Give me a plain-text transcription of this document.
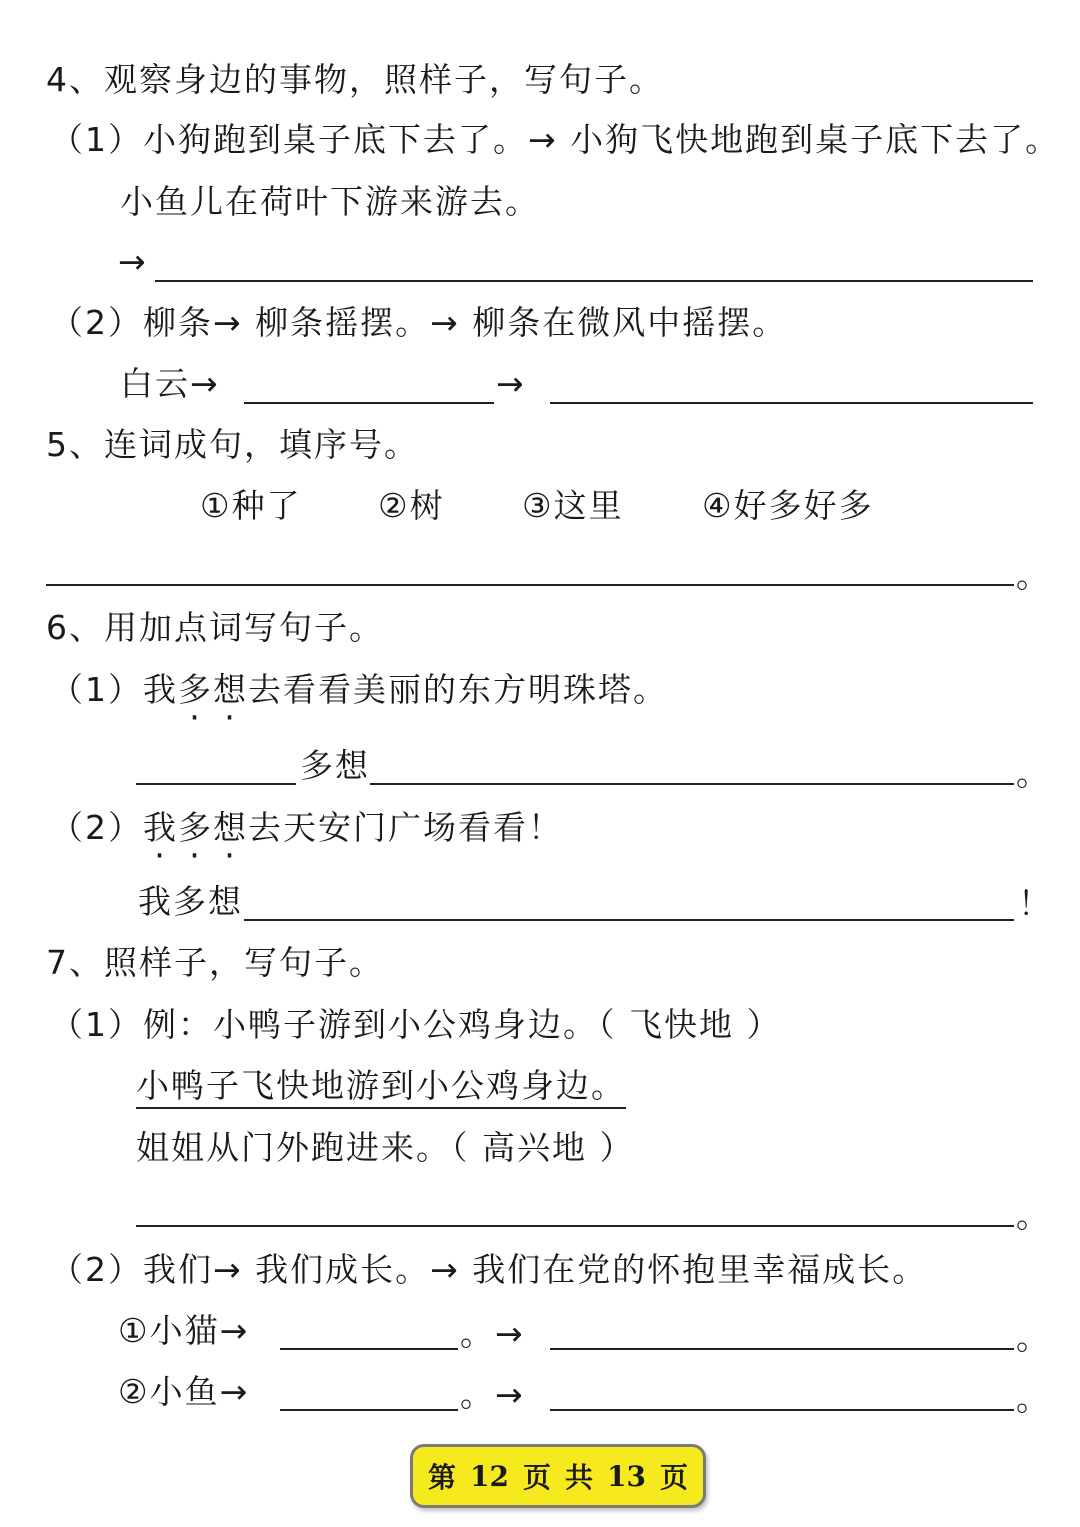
4、观察身边的事物，照样子，写句子。
（1）小狗跑到桌子底下去了。→ 小狗飞快地跑到桌子底下去了。
小鱼儿在荷叶下游来游去。
→
（2）柳条→ 柳条摇摆。→ 柳条在微风中摇摆。
白云→	→
5、连词成句，填序号。
①种了 ②树 ③这里 ④好多好多
。
6、用加点词写句子。
（1）我多想去看看美丽的东方明珠塔。
多想	。
（2）我多想去天安门广场看看！
我多想	！
7、照样子，写句子。
（1）例：小鸭子游到小公鸡身边。（ 飞快地 ）
小鸭子飞快地游到小公鸡身边。
姐姐从门外跑进来。（ 高兴地 ）
。
（2）我们→ 我们成长。→ 我们在党的怀抱里幸福成长。
①小猫→	。→	。
②小鱼→	。→	。
第 12 页 共 13 页
